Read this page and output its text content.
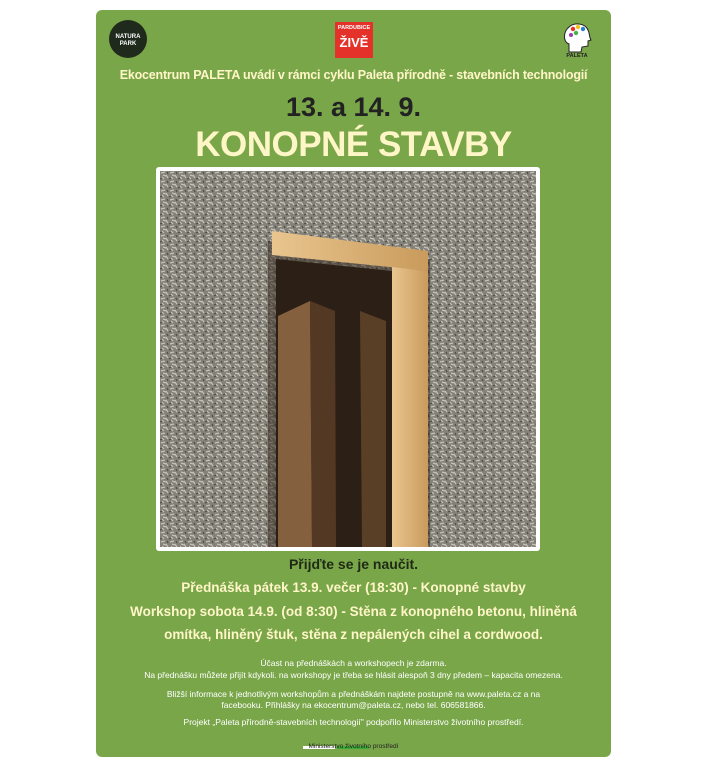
NATURA
PARK
PARDUBICE
ŽIVĚ
PALETA
Ekocentrum PALETA uvádí v rámci cyklu Paleta přírodně - stavebních technologií
13. a 14. 9.
KONOPNÉ STAVBY
Přijďte se je naučit.
Přednáška pátek 13.9. večer (18:30) - Konopné stavby
Workshop sobota 14.9. (od 8:30) - Stěna z konopného betonu, hliněná
omítka, hliněný štuk, stěna z nepálených cihel a cordwood.
Účast na přednáškách a workshopech je zdarma.
Na přednášku můžete přijít kdykoli. na workshopy je třeba se hlásit alespoň 3 dny předem – kapacita omezena.
Bližší informace k jednotlivým workshopům a přednáškám najdete postupně na www.paleta.cz a na
facebooku. Přihlášky na ekocentrum@paleta.cz, nebo tel. 606581866.
Projekt „Paleta přírodně-stavebních technologií" podpořilo Ministerstvo životního prostředí.
Ministerstvo životního prostředí
